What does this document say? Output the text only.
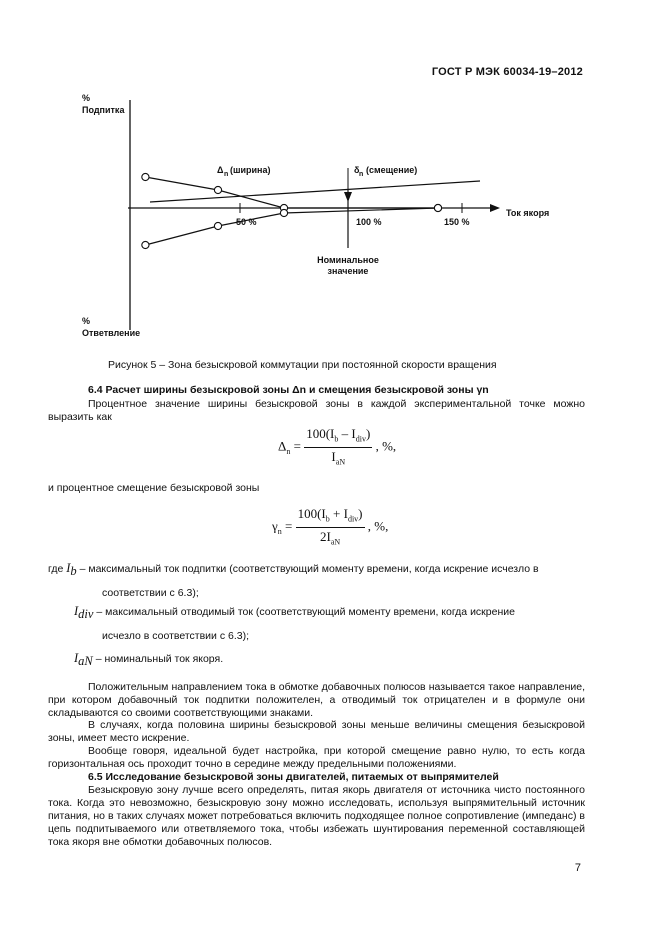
ГОСТ Р МЭК 60034-19–2012
%
Подпитка
%
Ответвление
Ток якоря
50 %	100 %	150 %
Δ n (ширина)	δ n (смещение)
Номинальное
значение
Рисунок 5 – Зона безыскровой коммутации при постоянной скорости вращения
6.4 Расчет ширины безыскровой зоны Δn и смещения безыскровой зоны γn
Процентное значение ширины безыскровой зоны в каждой экспериментальной точке можно выразить как
$\Delta_n = \frac{100(I_b - I_{div})}{I_{aN}}$ , %,
и процентное смещение безыскровой зоны
$\gamma_n = \frac{100(I_b + I_{div})}{2I_{aN}}$ , %,
где $I_b$ – максимальный ток подпитки (соответствующий моменту времени, когда искрение исчезло в
соответствии с 6.3);
$I_{div}$ – максимальный отводимый ток (соответствующий моменту времени, когда искрение
исчезло в соответствии с 6.3);
$I_{aN}$ – номинальный ток якоря.
Положительным направлением тока в обмотке добавочных полюсов называется такое направление, при котором добавочный ток подпитки положителен, а отводимый ток отрицателен и в формуле они складываются со своими соответствующими знаками.
В случаях, когда половина ширины безыскровой зоны меньше величины смещения безыскровой зоны, имеет место искрение.
Вообще говоря, идеальной будет настройка, при которой смещение равно нулю, то есть когда горизонтальная ось проходит точно в середине между предельными положениями.
6.5 Исследование безыскровой зоны двигателей, питаемых от выпрямителей
Безыскровую зону лучше всего определять, питая якорь двигателя от источника чисто постоянного тока. Когда это невозможно, безыскровую зону можно исследовать, используя выпрямительный источник питания, но в таких случаях может потребоваться включить подходящее полное сопротивление (импеданс) в цепь подпитываемого или ответвляемого тока, чтобы избежать шунтирования переменной составляющей тока якоря вне обмотки добавочных полюсов.
7
